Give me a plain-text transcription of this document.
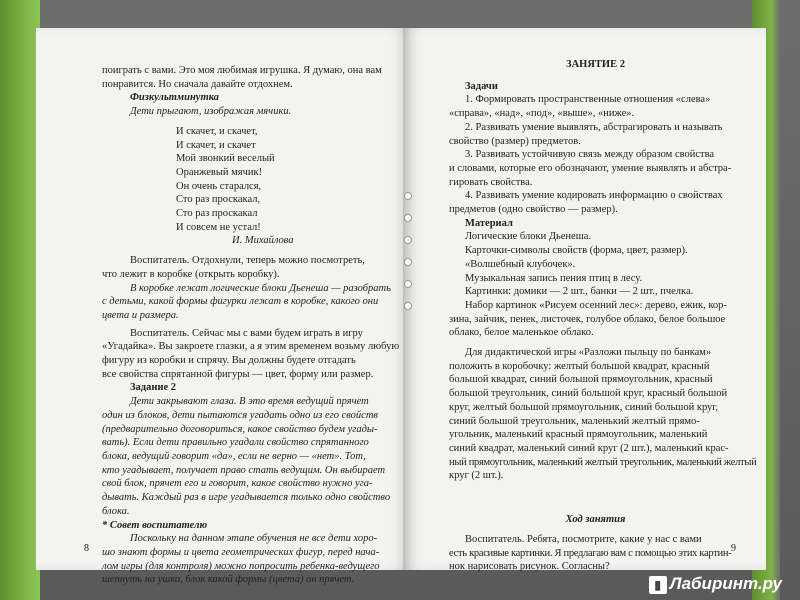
поиграть с вами. Это моя любимая игрушка. Я думаю, она вам
понравится. Но сначала давайте отдохнем.
Физкультминутка
Дети прыгают, изображая мячики.
И скачет, и скачет,
И скачет, и скачет
Мой звонкий веселый
Оранжевый мячик!
Он очень старался,
Сто раз проскакал,
Сто раз проскакал
И совсем не устал!
И. Михайлова
Воспитатель. Отдохнули, теперь можно посмотреть,
что лежит в коробке (открыть коробку).
В коробке лежат логические блоки Дьенеша — разобрать
с детьми, какой формы фигурки лежат в коробке, какого они
цвета и размера.
Воспитатель. Сейчас мы с вами будем играть в игру
«Угадайка». Вы закроете глазки, а я этим временем возьму любую
фигуру из коробки и спрячу. Вы должны будете отгадать
все свойства спрятанной фигуры — цвет, форму или размер.
Задание 2
Дети закрывают глаза. В это время ведущий прячет
один из блоков, дети пытаются угадать одно из его свойств
(предварительно договориться, какое свойство будем угады-
вать). Если дети правильно угадали свойство спрятанного
блока, ведущий говорит «да», если не верно — «нет». Тот,
кто угадывает, получает право стать ведущим. Он выбирает
свой блок, прячет его и говорит, какое свойство нужно уга-
дывать. Каждый раз в игре угадывается только одно свойство
блока.
* Совет воспитателю
Поскольку на данном этапе обучения не все дети хоро-
шо знают формы и цвета геометрических фигур, перед нача-
лом игры (для контроля) можно попросить ребенка-ведущего
шепнуть на ушко, блок какой формы (цвета) он прячет.
8
ЗАНЯТИЕ 2
Задачи
1. Формировать пространственные отношения «слева»
«справа», «над», «под», «выше», «ниже».
2. Развивать умение выявлять, абстрагировать и называть
свойство (размер) предметов.
3. Развивать устойчивую связь между образом свойства
и словами, которые его обозначают, умение выявлять и абстра-
гировать свойства.
4. Развивать умение кодировать информацию о свойствах
предметов (одно свойство — размер).
Материал
Логические блоки Дьенеша.
Карточки-символы свойств (форма, цвет, размер).
«Волшебный клубочек».
Музыкальная запись пения птиц в лесу.
Картинки: домики — 2 шт., банки — 2 шт., пчелка.
Набор картинок «Рисуем осенний лес»: дерево, ежик, кор-
зина, зайчик, пенек, листочек, голубое облако, белое большое
облако, белое маленькое облако.
Для дидактической игры «Разложи пыльцу по банкам»
положить в коробочку: желтый большой квадрат, красный
большой квадрат, синий большой прямоугольник, красный
большой треугольник, синий большой круг, красный большой
круг, желтый большой прямоугольник, синий большой круг,
синий большой треугольник, маленький желтый прямо-
угольник, маленький красный прямоугольник, маленький
синий квадрат, маленький синий круг (2 шт.), маленький крас-
ный прямоугольник, маленький желтый треугольник, маленький желтый
круг (2 шт.).
Ход занятия
Воспитатель. Ребята, посмотрите, какие у нас с вами
есть красивые картинки. Я предлагаю вам с помощью этих картин-
нок нарисовать рисунок. Согласны?
9
▮ Лабиринт.ру
